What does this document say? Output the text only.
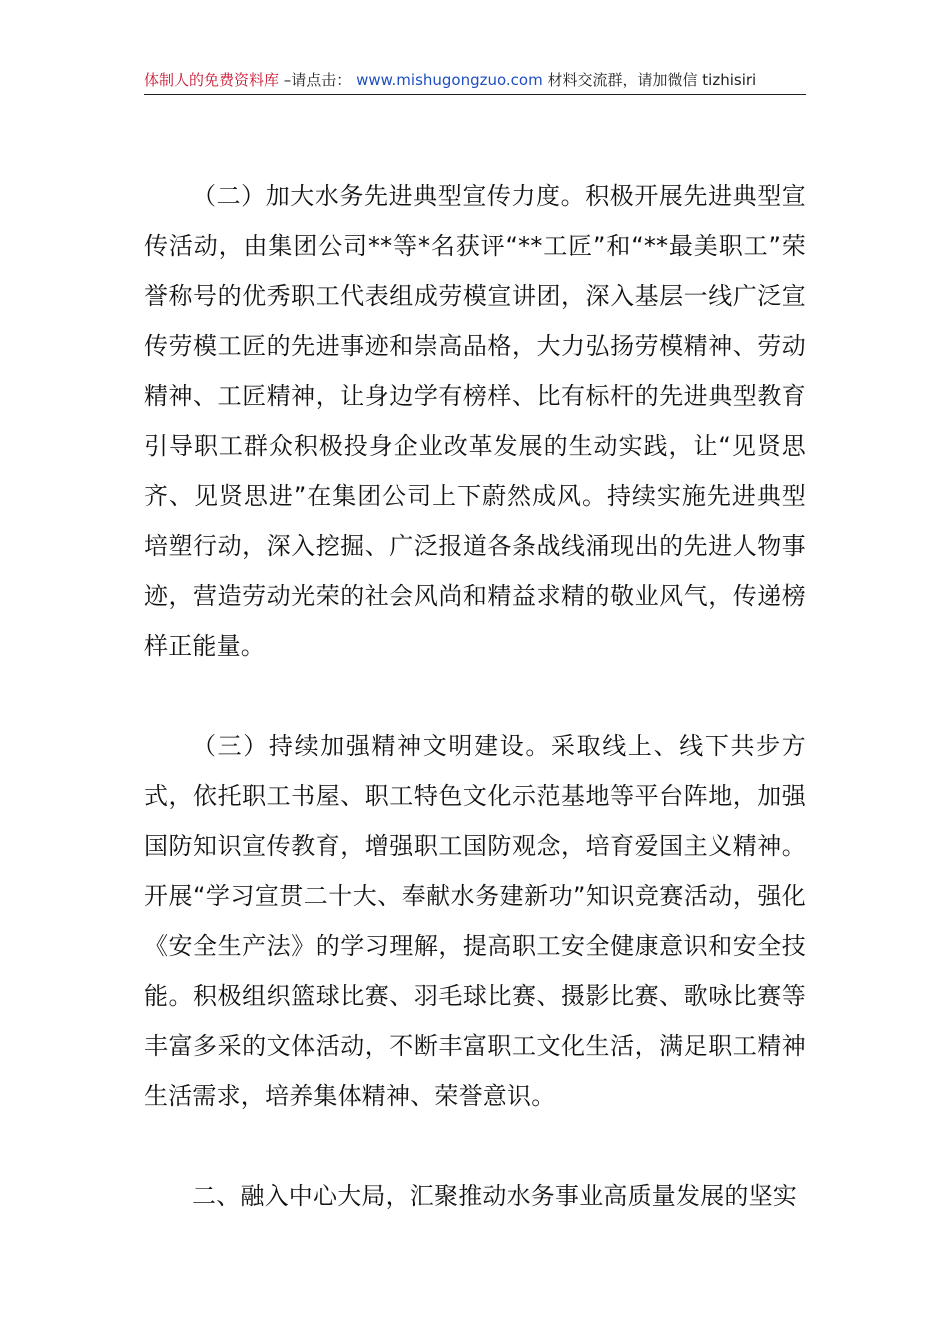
体制人的免费资料库 –请点击： www.mishugongzuo.com 材料交流群，请加微信 tizhisiri

（二）加大水务先进典型宣传力度。积极开展先进典型宣传活动，由集团公司**等*名获评“**工匠”和“**最美职工”荣誉称号的优秀职工代表组成劳模宣讲团，深入基层一线广泛宣传劳模工匠的先进事迹和崇高品格，大力弘扬劳模精神、劳动精神、工匠精神，让身边学有榜样、比有标杆的先进典型教育引导职工群众积极投身企业改革发展的生动实践，让“见贤思齐、见贤思进”在集团公司上下蔚然成风。持续实施先进典型培塑行动，深入挖掘、广泛报道各条战线涌现出的先进人物事迹，营造劳动光荣的社会风尚和精益求精的敬业风气，传递榜样正能量。

（三）持续加强精神文明建设。采取线上、线下共步方式，依托职工书屋、职工特色文化示范基地等平台阵地，加强国防知识宣传教育，增强职工国防观念，培育爱国主义精神。开展“学习宣贯二十大、奉献水务建新功”知识竞赛活动，强化《安全生产法》的学习理解，提高职工安全健康意识和安全技能。积极组织篮球比赛、羽毛球比赛、摄影比赛、歌咏比赛等丰富多采的文体活动，不断丰富职工文化生活，满足职工精神生活需求，培养集体精神、荣誉意识。

二、融入中心大局，汇聚推动水务事业高质量发展的坚实
